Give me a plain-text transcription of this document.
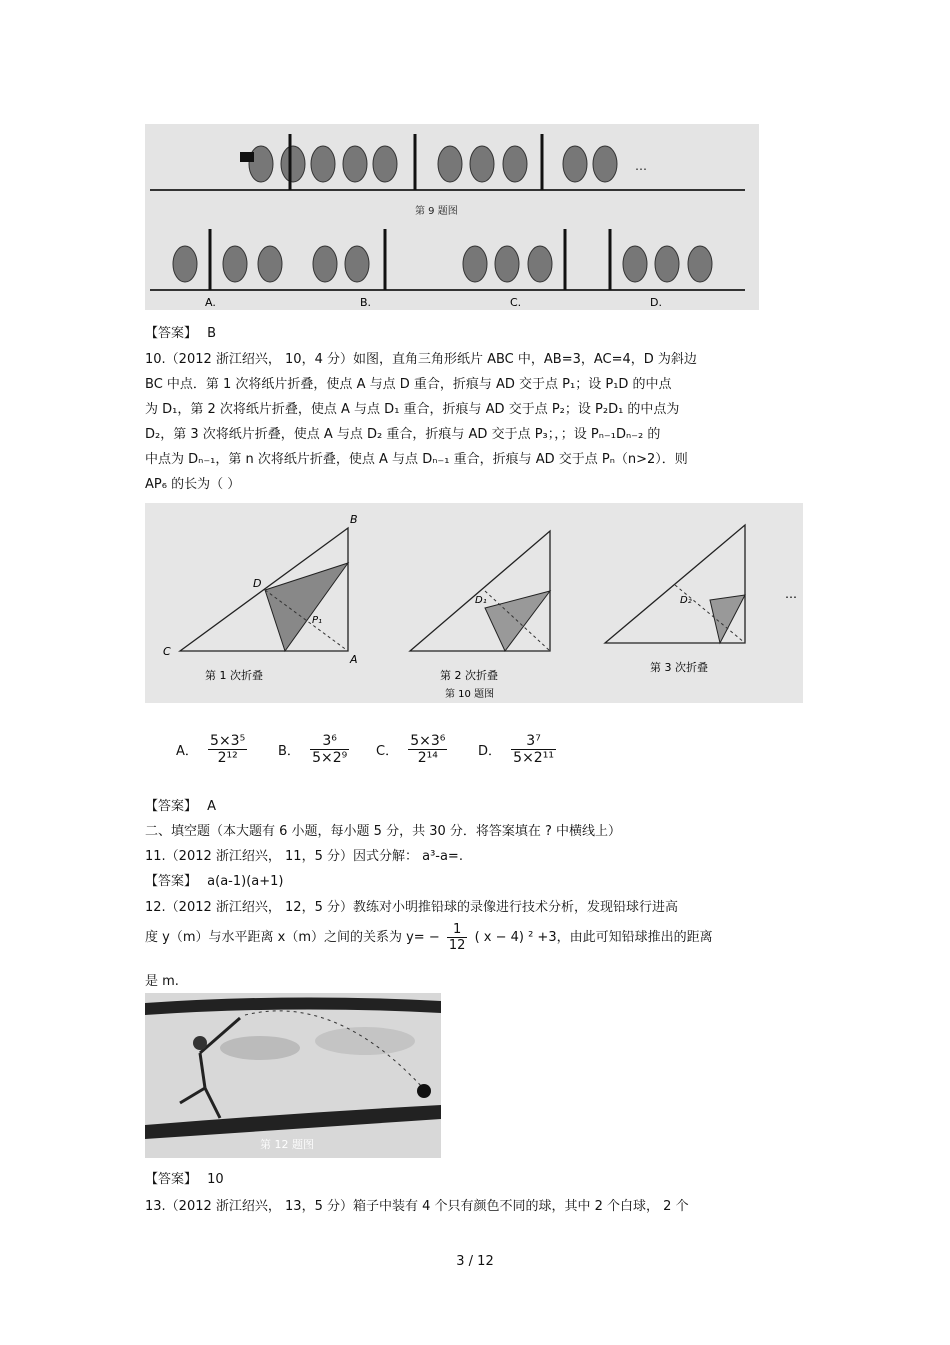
…
第 9 题图
A.	B.	C.	D.
【答案】 B
10.（2012 浙江绍兴， 10，4 分）如图，直角三角形纸片 ABC 中，AB=3，AC=4，D 为斜边
BC 中点．第 1 次将纸片折叠，使点 A 与点 D 重合，折痕与 AD 交于点 P₁；设 P₁D 的中点
为 D₁，第 2 次将纸片折叠，使点 A 与点 D₁ 重合，折痕与 AD 交于点 P₂；设 P₂D₁ 的中点为
D₂，第 3 次将纸片折叠，使点 A 与点 D₂ 重合，折痕与 AD 交于点 P₃；，；设 Pₙ₋₁Dₙ₋₂ 的
中点为 Dₙ₋₁，第 n 次将纸片折叠，使点 A 与点 Dₙ₋₁ 重合，折痕与 AD 交于点 Pₙ（n>2）．则
AP₆ 的长为（ ）
C
B
A
D
P₁
D₁	D₂	…
第 1 次折叠	第 2 次折叠
第 3 次折叠
第 10 题图
A． $\frac{\text{5×3⁵}}{\text{2¹²}}$ B． $\frac{\text{3⁶}}{\text{5×2⁹}}$ C． $\frac{\text{5×3⁶}}{\text{2¹⁴}}$ D． $\frac{\text{3⁷}}{\text{5×2¹¹}}$
【答案】 A
二、填空题（本大题有 6 小题，每小题 5 分，共 30 分．将答案填在 ? 中横线上）
11.（2012 浙江绍兴， 11，5 分）因式分解： a³-a=.
【答案】 a(a-1)(a+1)
12.（2012 浙江绍兴， 12，5 分）教练对小明推铅球的录像进行技术分析，发现铅球行进高
度 y（m）与水平距离 x（m）之间的关系为 $y= - \frac{1}{12}$ ( x − 4) ² +3，由此可知铅球推出的距离
是 m.
第 12 题图
【答案】 10
13.（2012 浙江绍兴， 13，5 分）箱子中装有 4 个只有颜色不同的球，其中 2 个白球， 2 个
3 / 12
